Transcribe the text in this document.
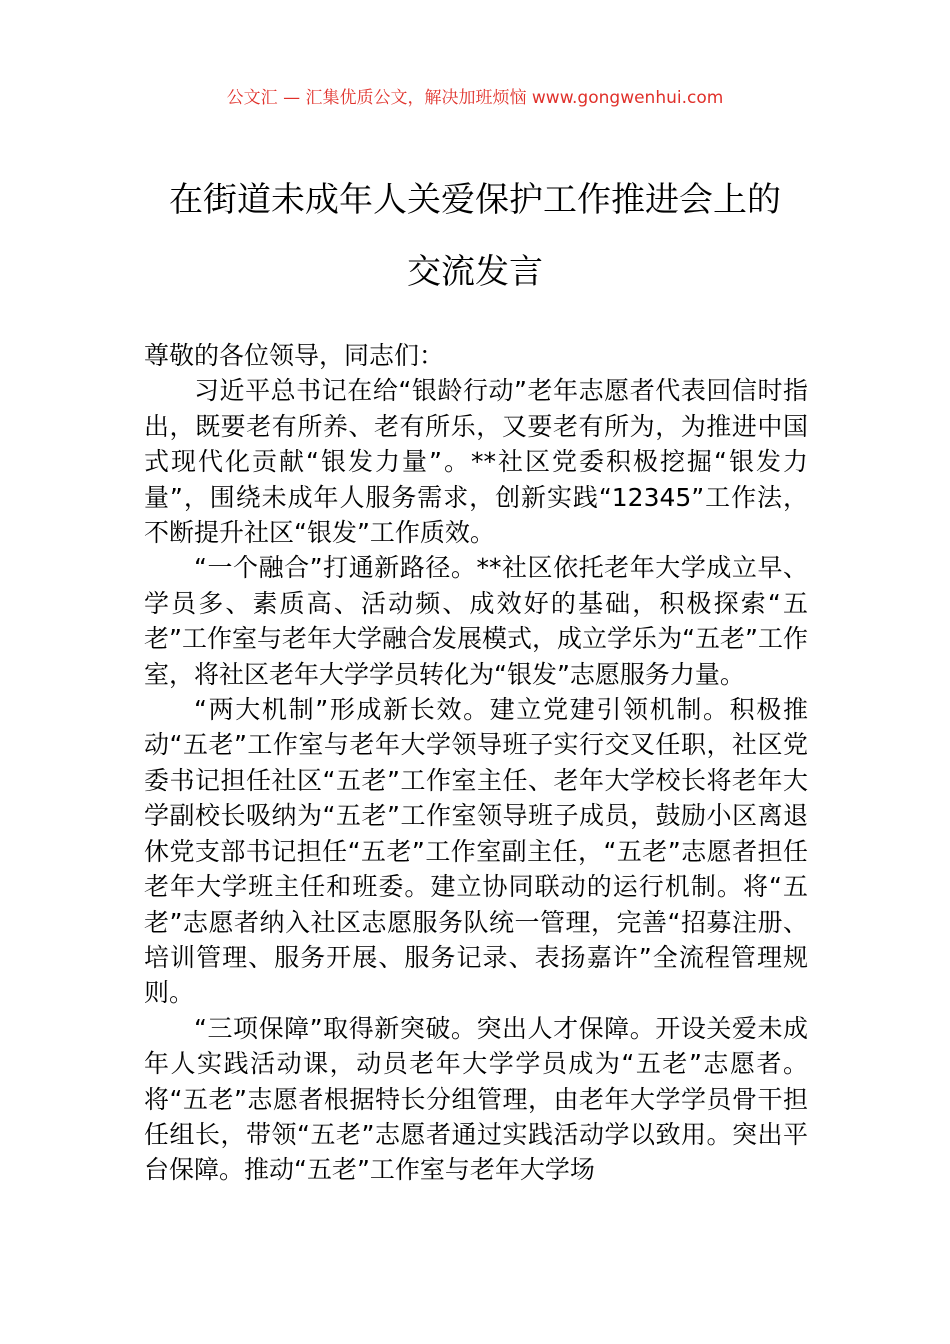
公文汇 — 汇集优质公文，解决加班烦恼 www.gongwenhui.com
在街道未成年人关爱保护工作推进会上的
交流发言

尊敬的各位领导，同志们：

习近平总书记在给“银龄行动”老年志愿者代表回信时指出，既要老有所养、老有所乐，又要老有所为，为推进中国式现代化贡献“银发力量”。**社区党委积极挖掘“银发力量”，围绕未成年人服务需求，创新实践“12345”工作法，不断提升社区“银发”工作质效。

“一个融合”打通新路径。**社区依托老年大学成立早、学员多、素质高、活动频、成效好的基础，积极探索“五老”工作室与老年大学融合发展模式，成立学乐为“五老”工作室，将社区老年大学学员转化为“银发”志愿服务力量。

“两大机制”形成新长效。建立党建引领机制。积极推动“五老”工作室与老年大学领导班子实行交叉任职，社区党委书记担任社区“五老”工作室主任、老年大学校长将老年大学副校长吸纳为“五老”工作室领导班子成员，鼓励小区离退休党支部书记担任“五老”工作室副主任，“五老”志愿者担任老年大学班主任和班委。建立协同联动的运行机制。将“五老”志愿者纳入社区志愿服务队统一管理，完善“招募注册、培训管理、服务开展、服务记录、表扬嘉许”全流程管理规则。

“三项保障”取得新突破。突出人才保障。开设关爱未成年人实践活动课，动员老年大学学员成为“五老”志愿者。将“五老”志愿者根据特长分组管理，由老年大学学员骨干担任组长，带领“五老”志愿者通过实践活动学以致用。突出平台保障。推动“五老”工作室与老年大学场
